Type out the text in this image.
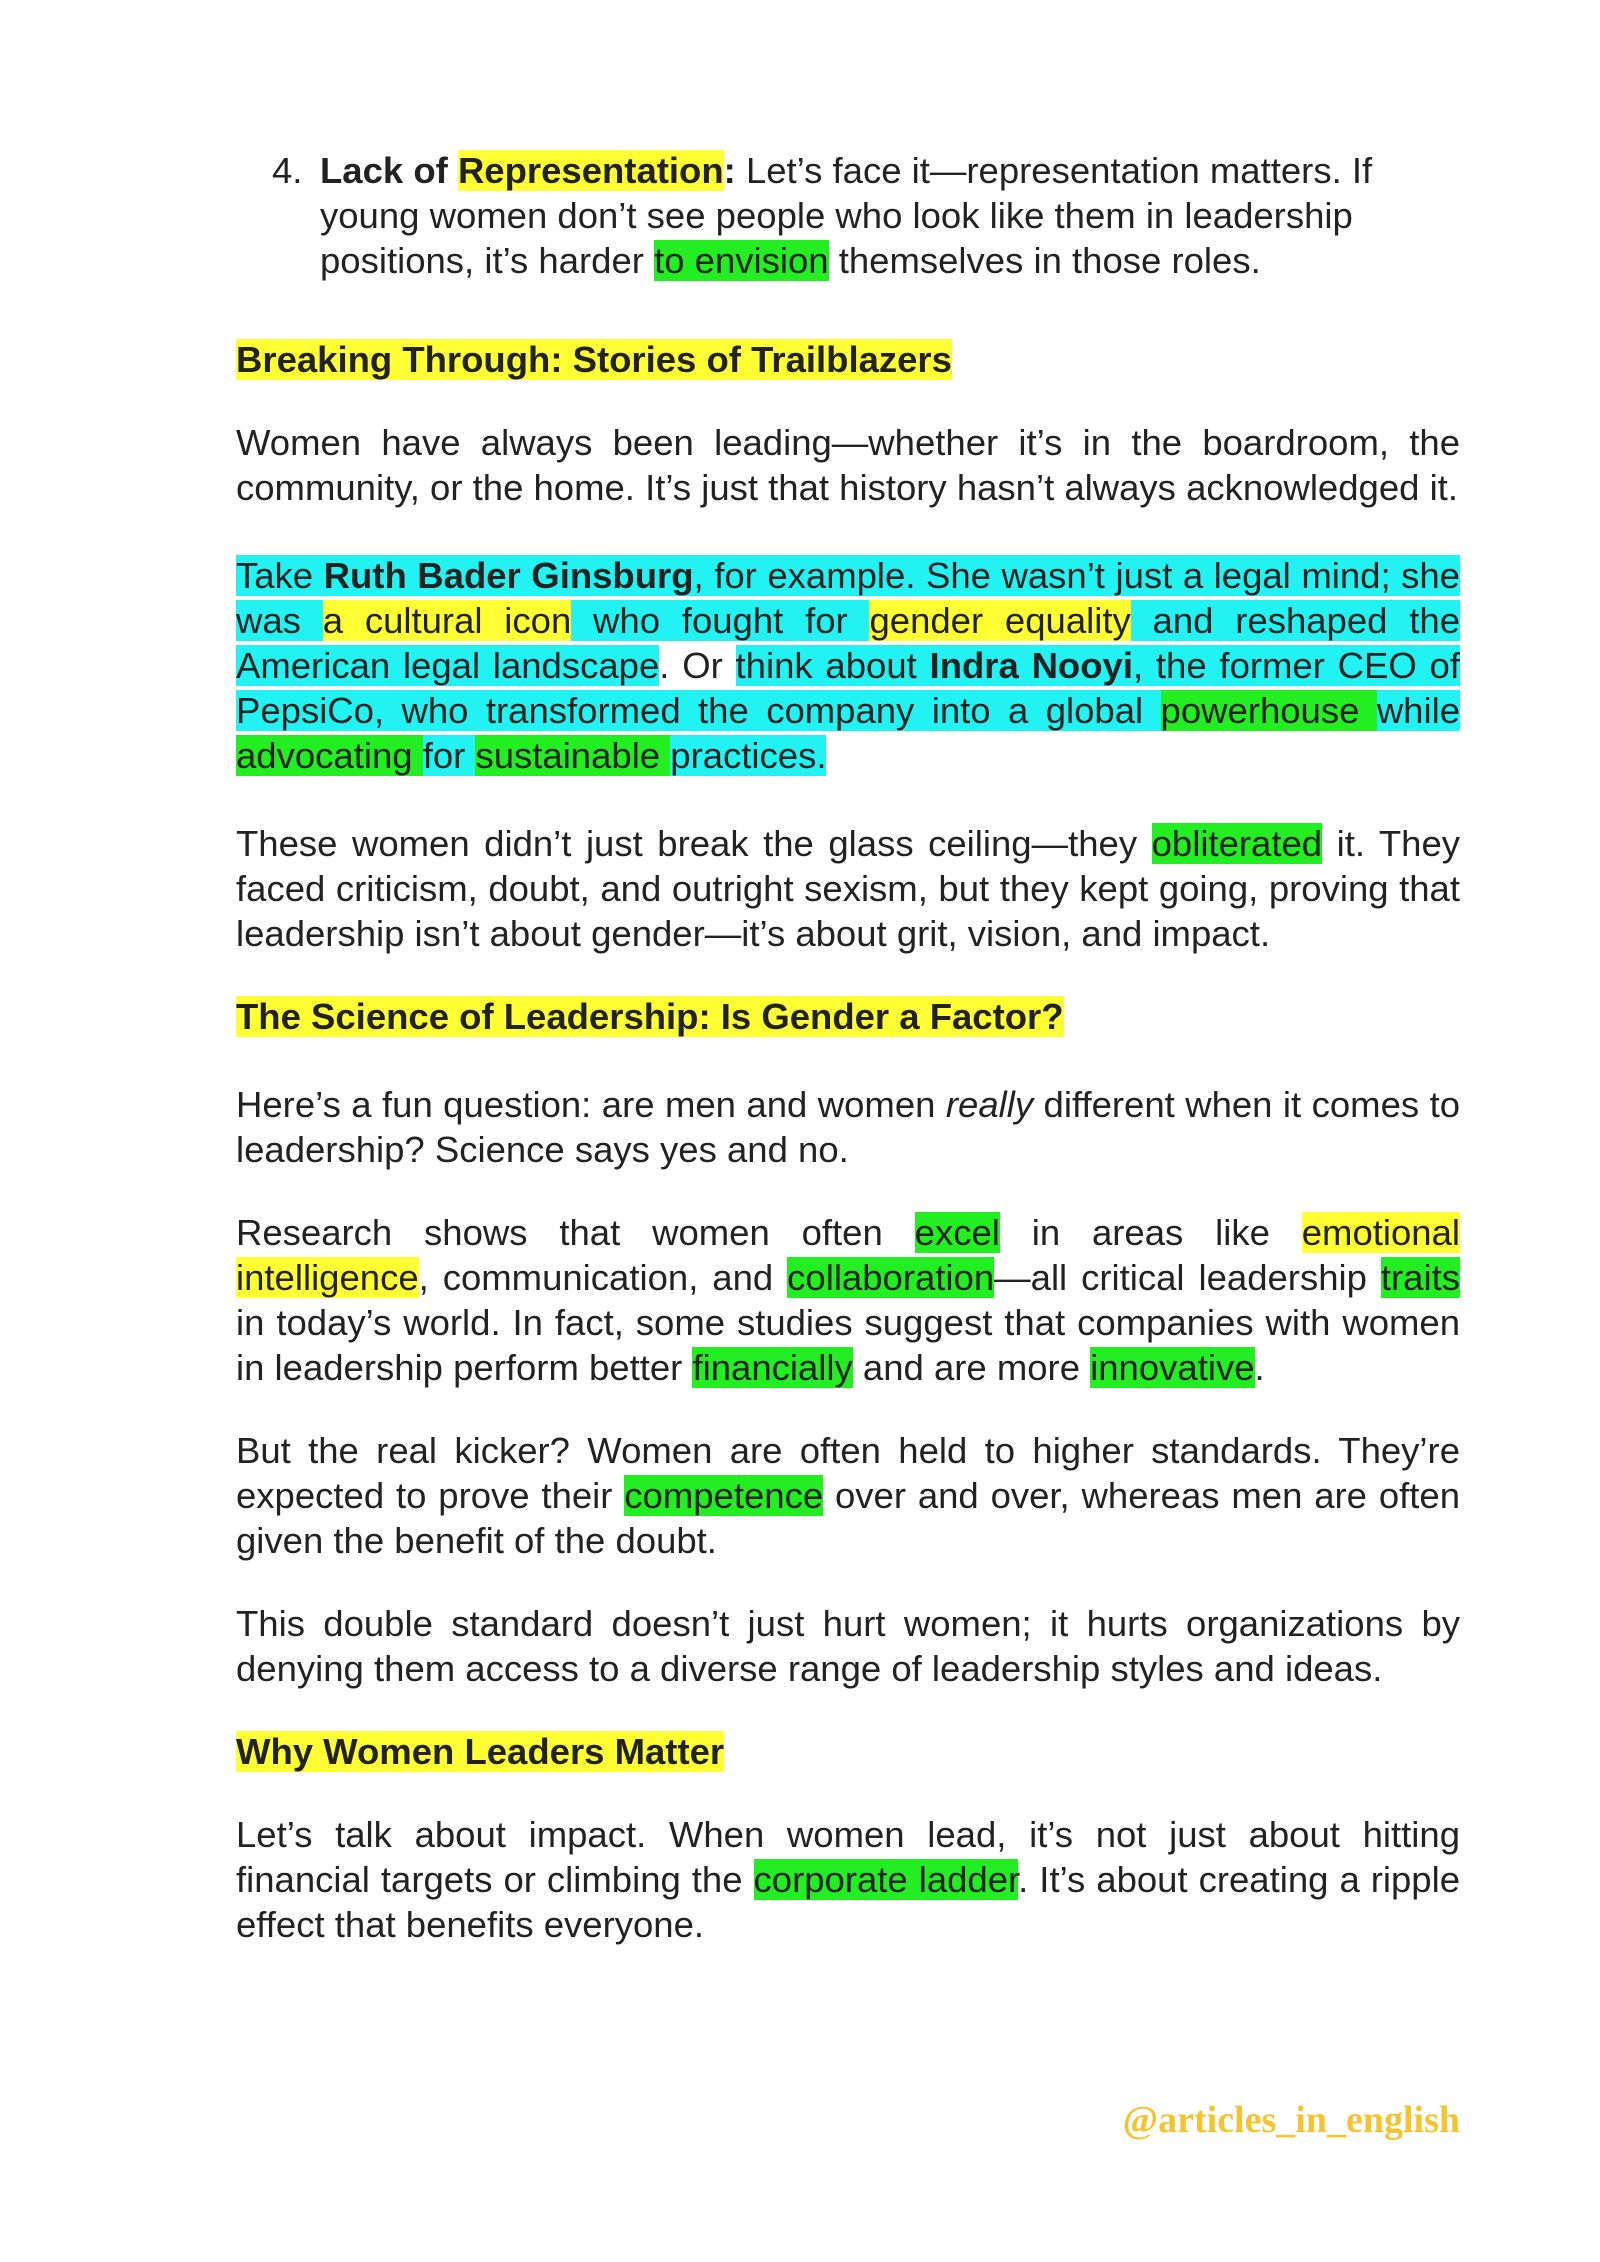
4. Lack of Representation: Let’s face it—representation matters. If young women don’t see people who look like them in leadership positions, it’s harder to envision themselves in those roles.

Breaking Through: Stories of Trailblazers

Women have always been leading—whether it’s in the boardroom, the community, or the home. It’s just that history hasn’t always acknowledged it.

Take Ruth Bader Ginsburg, for example. She wasn’t just a legal mind; she was a cultural icon who fought for gender equality and reshaped the American legal landscape. Or think about Indra Nooyi, the former CEO of PepsiCo, who transformed the company into a global powerhouse while advocating for sustainable practices.

These women didn’t just break the glass ceiling—they obliterated it. They faced criticism, doubt, and outright sexism, but they kept going, proving that leadership isn’t about gender—it’s about grit, vision, and impact.

The Science of Leadership: Is Gender a Factor?

Here’s a fun question: are men and women really different when it comes to leadership? Science says yes and no.

Research shows that women often excel in areas like emotional intelligence, communication, and collaboration—all critical leadership traits in today’s world. In fact, some studies suggest that companies with women in leadership perform better financially and are more innovative.

But the real kicker? Women are often held to higher standards. They’re expected to prove their competence over and over, whereas men are often given the benefit of the doubt.

This double standard doesn’t just hurt women; it hurts organizations by denying them access to a diverse range of leadership styles and ideas.

Why Women Leaders Matter

Let’s talk about impact. When women lead, it’s not just about hitting financial targets or climbing the corporate ladder. It’s about creating a ripple effect that benefits everyone.

@articles_in_english
